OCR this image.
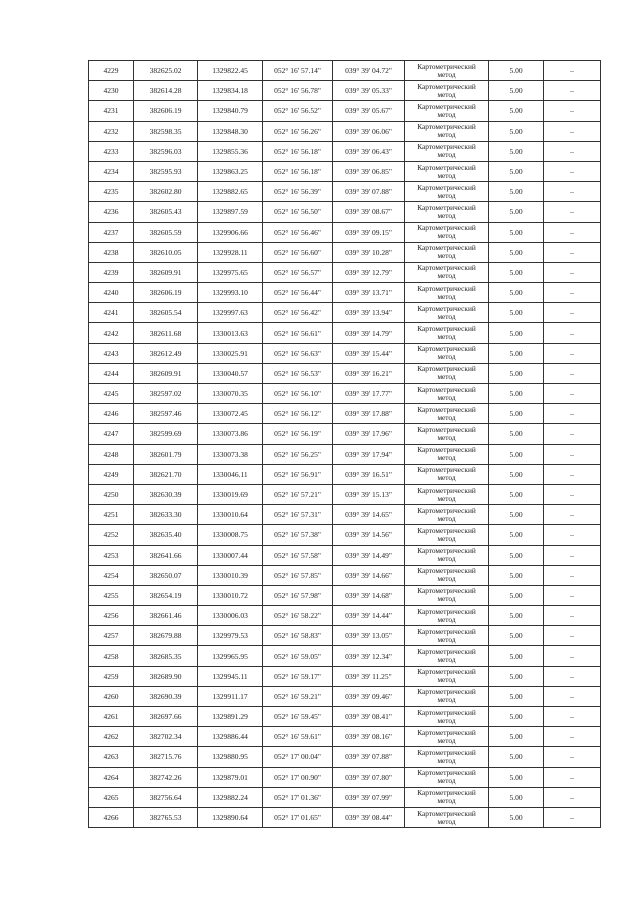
4229	382625.02	1329822.45	052° 16' 57.14"	039° 39' 04.72"	Картометрический
метод	5.00	–
4230	382614.28	1329834.18	052° 16' 56.78"	039° 39' 05.33"	Картометрический
метод	5.00	–
4231	382606.19	1329840.79	052° 16' 56.52"	039° 39' 05.67"	Картометрический
метод	5.00	–
4232	382598.35	1329848.30	052° 16' 56.26"	039° 39' 06.06"	Картометрический
метод	5.00	–
4233	382596.03	1329855.36	052° 16' 56.18"	039° 39' 06.43"	Картометрический
метод	5.00	–
4234	382595.93	1329863.25	052° 16' 56.18"	039° 39' 06.85"	Картометрический
метод	5.00	–
4235	382602.80	1329882.65	052° 16' 56.39"	039° 39' 07.88"	Картометрический
метод	5.00	–
4236	382605.43	1329897.59	052° 16' 56.50"	039° 39' 08.67"	Картометрический
метод	5.00	–
4237	382605.59	1329906.66	052° 16' 56.46"	039° 39' 09.15"	Картометрический
метод	5.00	–
4238	382610.05	1329928.11	052° 16' 56.60"	039° 39' 10.28"	Картометрический
метод	5.00	–
4239	382609.91	1329975.65	052° 16' 56.57"	039° 39' 12.79"	Картометрический
метод	5.00	–
4240	382606.19	1329993.10	052° 16' 56.44"	039° 39' 13.71"	Картометрический
метод	5.00	–
4241	382605.54	1329997.63	052° 16' 56.42"	039° 39' 13.94"	Картометрический
метод	5.00	–
4242	382611.68	1330013.63	052° 16' 56.61"	039° 39' 14.79"	Картометрический
метод	5.00	–
4243	382612.49	1330025.91	052° 16' 56.63"	039° 39' 15.44"	Картометрический
метод	5.00	–
4244	382609.91	1330040.57	052° 16' 56.53"	039° 39' 16.21"	Картометрический
метод	5.00	–
4245	382597.02	1330070.35	052° 16' 56.10"	039° 39' 17.77"	Картометрический
метод	5.00	–
4246	382597.46	1330072.45	052° 16' 56.12"	039° 39' 17.88"	Картометрический
метод	5.00	–
4247	382599.69	1330073.86	052° 16' 56.19"	039° 39' 17.96"	Картометрический
метод	5.00	–
4248	382601.79	1330073.38	052° 16' 56.25"	039° 39' 17.94"	Картометрический
метод	5.00	–
4249	382621.70	1330046.11	052° 16' 56.91"	039° 39' 16.51"	Картометрический
метод	5.00	–
4250	382630.39	1330019.69	052° 16' 57.21"	039° 39' 15.13"	Картометрический
метод	5.00	–
4251	382633.30	1330010.64	052° 16' 57.31"	039° 39' 14.65"	Картометрический
метод	5.00	–
4252	382635.40	1330008.75	052° 16' 57.38"	039° 39' 14.56"	Картометрический
метод	5.00	–
4253	382641.66	1330007.44	052° 16' 57.58"	039° 39' 14.49"	Картометрический
метод	5.00	–
4254	382650.07	1330010.39	052° 16' 57.85"	039° 39' 14.66"	Картометрический
метод	5.00	–
4255	382654.19	1330010.72	052° 16' 57.98"	039° 39' 14.68"	Картометрический
метод	5.00	–
4256	382661.46	1330006.03	052° 16' 58.22"	039° 39' 14.44"	Картометрический
метод	5.00	–
4257	382679.88	1329979.53	052° 16' 58.83"	039° 39' 13.05"	Картометрический
метод	5.00	–
4258	382685.35	1329965.95	052° 16' 59.05"	039° 39' 12.34"	Картометрический
метод	5.00	–
4259	382689.90	1329945.11	052° 16' 59.17"	039° 39' 11.25"	Картометрический
метод	5.00	–
4260	382690.39	1329911.17	052° 16' 59.21"	039° 39' 09.46"	Картометрический
метод	5.00	–
4261	382697.66	1329891.29	052° 16' 59.45"	039° 39' 08.41"	Картометрический
метод	5.00	–
4262	382702.34	1329886.44	052° 16' 59.61"	039° 39' 08.16"	Картометрический
метод	5.00	–
4263	382715.76	1329880.95	052° 17' 00.04"	039° 39' 07.88"	Картометрический
метод	5.00	–
4264	382742.26	1329879.01	052° 17' 00.90"	039° 39' 07.80"	Картометрический
метод	5.00	–
4265	382756.64	1329882.24	052° 17' 01.36"	039° 39' 07.99"	Картометрический
метод	5.00	–
4266	382765.53	1329890.64	052° 17' 01.65"	039° 39' 08.44"	Картометрический
метод	5.00	–
